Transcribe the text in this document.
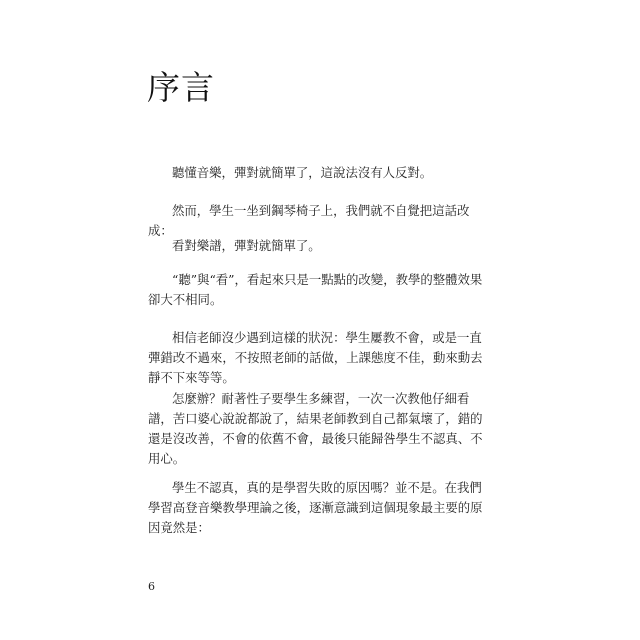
序言

聽懂音樂，彈對就簡單了，這說法沒有人反對。

然而，學生一坐到鋼琴椅子上，我們就不自覺把這話改成：

看對樂譜，彈對就簡單了。

“聽”與“看”，看起來只是一點點的改變，教學的整體效果卻大不相同。

相信老師沒少遇到這樣的狀況：學生屢教不會，或是一直彈錯改不過來，不按照老師的話做，上課態度不佳，動來動去靜不下來等等。

怎麼辦？耐著性子要學生多練習，一次一次教他仔細看譜，苦口婆心說說都說了，結果老師教到自己都氣壞了，錯的還是沒改善，不會的依舊不會，最後只能歸咎學生不認真、不用心。

學生不認真，真的是學習失敗的原因嗎？並不是。在我們學習高登音樂教學理論之後，逐漸意識到這個現象最主要的原因竟然是：

6
